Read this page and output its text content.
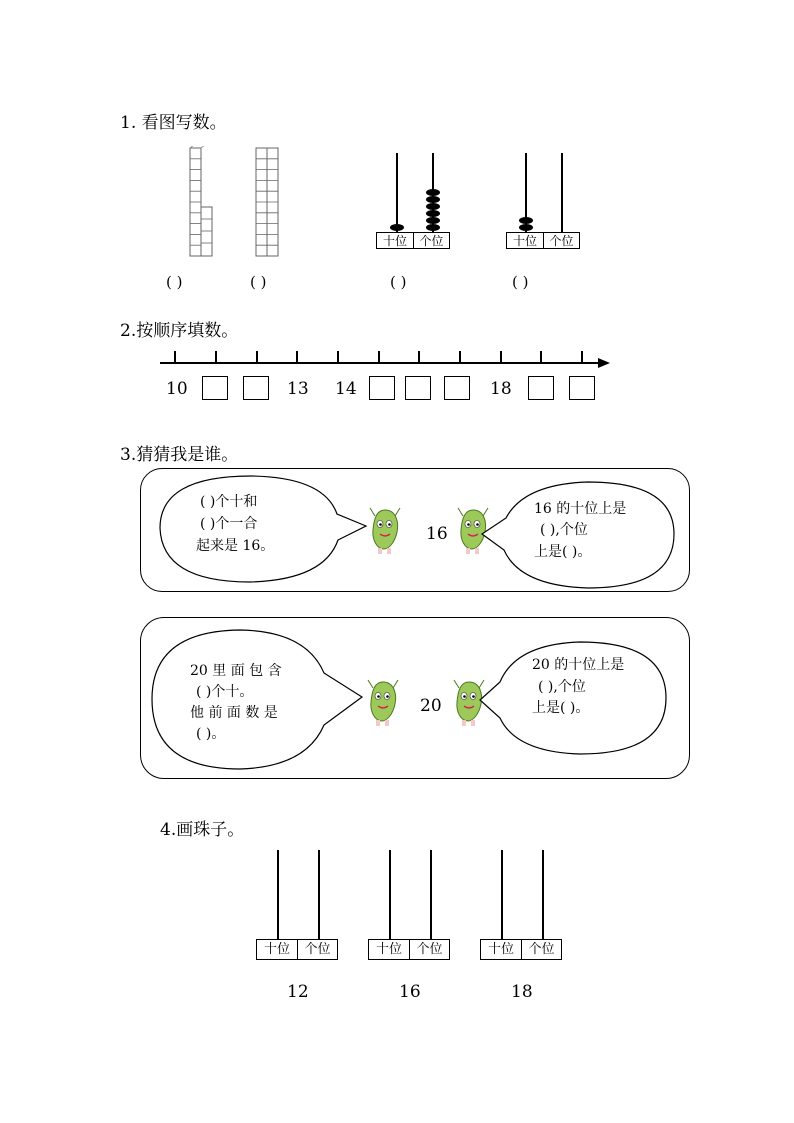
1. 看图写数。
十位	个位	十位	个位
( )	( )	( )	( )
2.按顺序填数。
10	13 14	18
3.猜猜我是谁。
( )个十和
( )个一合
起来是 16。
16
16 的十位上是
( ),个位
上是( )。
20 里 面 包 含
( )个十。
他 前 面 数 是
( )。
20
20 的十位上是
( ),个位
上是( )。
4.画珠子。
十位	个位
12
十位	个位
16
十位	个位
18
